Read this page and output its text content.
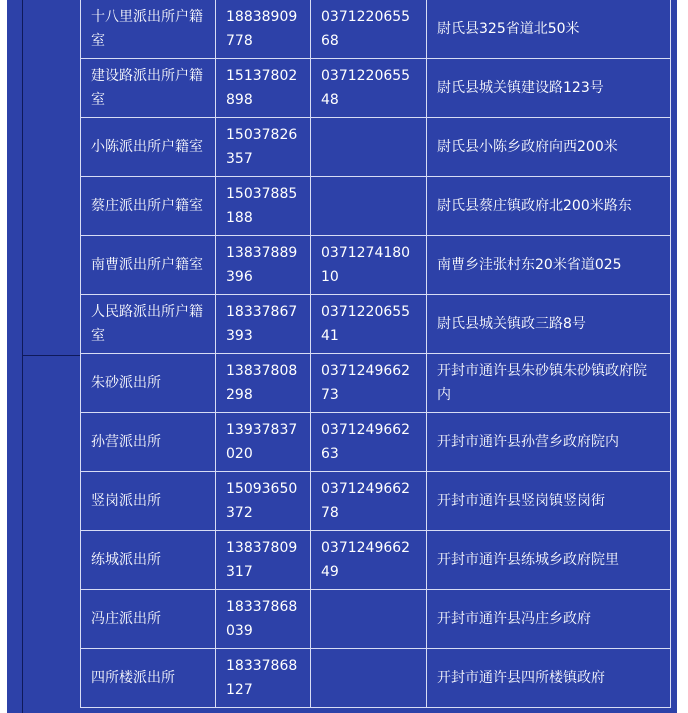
十八里派出所户籍室	18838909778	037122065568	尉氏县325省道北50米
建设路派出所户籍室	15137802898	037122065548	尉氏县城关镇建设路123号
小陈派出所户籍室	15037826357		尉氏县小陈乡政府向西200米
蔡庄派出所户籍室	15037885188		尉氏县蔡庄镇政府北200米路东
南曹派出所户籍室	13837889396	037127418010	南曹乡洼张村东20米省道025
人民路派出所户籍室	18337867393	037122065541	尉氏县城关镇政三路8号
朱砂派出所	13837808298	037124966273	开封市通许县朱砂镇朱砂镇政府院内
孙营派出所	13937837020	037124966263	开封市通许县孙营乡政府院内
竖岗派出所	15093650372	037124966278	开封市通许县竖岗镇竖岗街
练城派出所	13837809317	037124966249	开封市通许县练城乡政府院里
冯庄派出所	18337868039		开封市通许县冯庄乡政府
四所楼派出所	18337868127		开封市通许县四所楼镇政府
